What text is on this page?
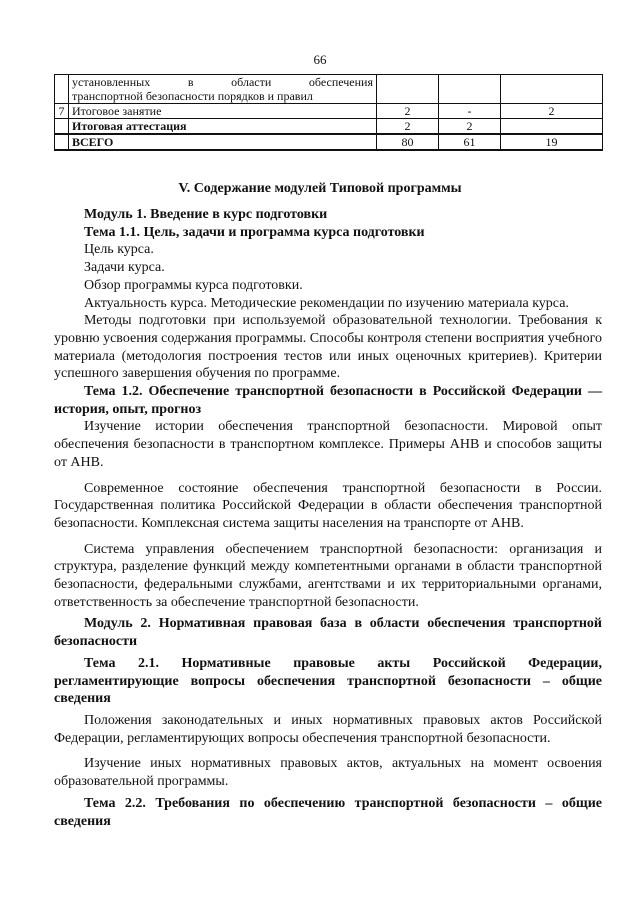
66

	установленных в области обеспечения
транспортной безопасности порядков и правил			

7	Итоговое занятие	2	-	2
	Итоговая аттестация	2	2	
	ВСЕГО	80	61	19
V. Содержание модулей Типовой программы

Модуль 1. Введение в курс подготовки

Тема 1.1. Цель, задачи и программа курса подготовки

Цель курса.

Задачи курса.

Обзор программы курса подготовки.

Актуальность курса. Методические рекомендации по изучению материала курса.

Методы подготовки при используемой образовательной технологии. Требования к уровню усвоения содержания программы. Способы контроля степени восприятия учебного материала (методология построения тестов или иных оценочных критериев). Критерии успешного завершения обучения по программе.

Тема 1.2. Обеспечение транспортной безопасности в Российской Федерации — история, опыт, прогноз

Изучение истории обеспечения транспортной безопасности. Мировой опыт обеспечения безопасности в транспортном комплексе. Примеры АНВ и способов защиты от АНВ.

Современное состояние обеспечения транспортной безопасности в России. Государственная политика Российской Федерации в области обеспечения транспортной безопасности. Комплексная система защиты населения на транспорте от АНВ.

Система управления обеспечением транспортной безопасности: организация и структура, разделение функций между компетентными органами в области транспортной безопасности, федеральными службами, агентствами и их территориальными органами, ответственность за обеспечение транспортной безопасности.

Модуль 2. Нормативная правовая база в области обеспечения транспортной безопасности

Тема 2.1. Нормативные правовые акты Российской Федерации, регламентирующие вопросы обеспечения транспортной безопасности – общие сведения

Положения законодательных и иных нормативных правовых актов Российской Федерации, регламентирующих вопросы обеспечения транспортной безопасности.

Изучение иных нормативных правовых актов, актуальных на момент освоения образовательной программы.

Тема 2.2. Требования по обеспечению транспортной безопасности – общие сведения
